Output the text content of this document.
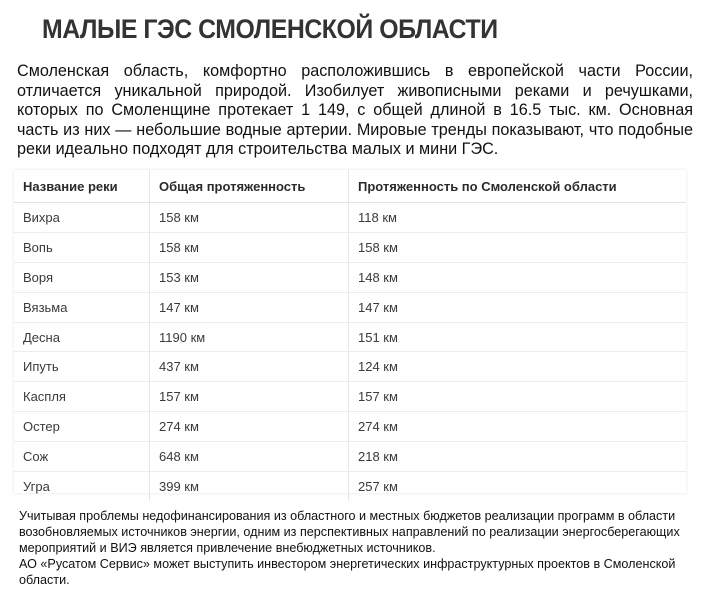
МАЛЫЕ ГЭС СМОЛЕНСКОЙ ОБЛАСТИ
Смоленская область, комфортно расположившись в европейской части России, отличается уникальной природой. Изобилует живописными реками и речушками, которых по Смоленщине протекает 1 149, с общей длиной в 16.5 тыс. км. Основная часть из них — небольшие водные артерии. Мировые тренды показывают, что подобные реки идеально подходят для строительства малых и мини ГЭС.
Название реки	Общая протяженность	Протяженность по Смоленской области
Вихра	158 км	118 км
Вопь	158 км	158 км
Воря	153 км	148 км
Вязьма	147 км	147 км
Десна	1190 км	151 км
Ипуть	437 км	124 км
Каспля	157 км	157 км
Остер	274 км	274 км
Сож	648 км	218 км
Угра	399 км	257 км

Учитывая проблемы недофинансирования из областного и местных бюджетов реализации программ в области возобновляемых источников энергии, одним из перспективных направлений по реализации энергосберегающих мероприятий и ВИЭ является привлечение внебюджетных источников.

АО «Русатом Сервис» может выступить инвестором энергетических инфраструктурных проектов в Смоленской области.
